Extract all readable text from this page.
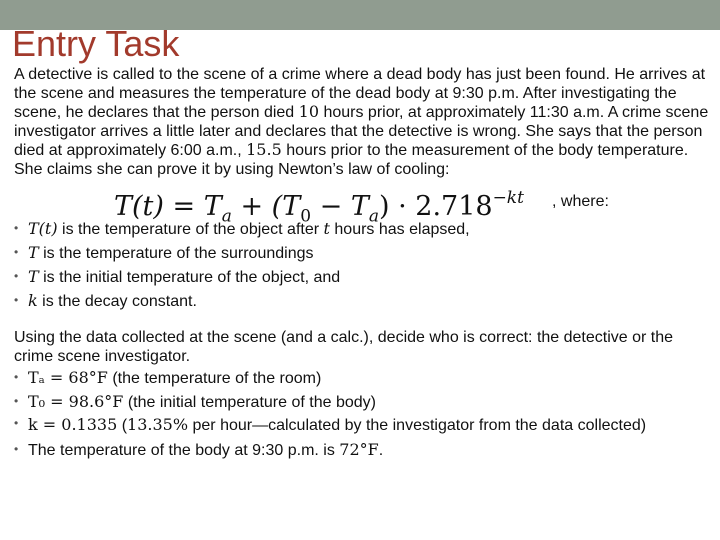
Entry Task

A detective is called to the scene of a crime where a dead body has just been found. He arrives at the scene and measures the temperature of the dead body at 9:30 p.m. After investigating the scene, he declares that the person died 10 hours prior, at approximately 11:30 a.m. A crime scene investigator arrives a little later and declares that the detective is wrong. She says that the person died at approximately 6:00 a.m., 15.5 hours prior to the measurement of the body temperature. She claims she can prove it by using Newton’s law of cooling:

$T(t) = T_a + (T_0 - T_a) \cdot 2.718^{-kt}$ , where:
• T(t) is the temperature of the object after t hours has elapsed,
• T is the temperature of the surroundings
• T is the initial temperature of the object, and
• k is the decay constant.

Using the data collected at the scene (and a calc.), decide who is correct: the detective or the crime scene investigator.

• Tₐ = 68°F (the temperature of the room)
• T₀ = 98.6°F (the initial temperature of the body)
• k = 0.1335 (13.35% per hour—calculated by the investigator from the data collected)
• The temperature of the body at 9:30 p.m. is 72°F.
